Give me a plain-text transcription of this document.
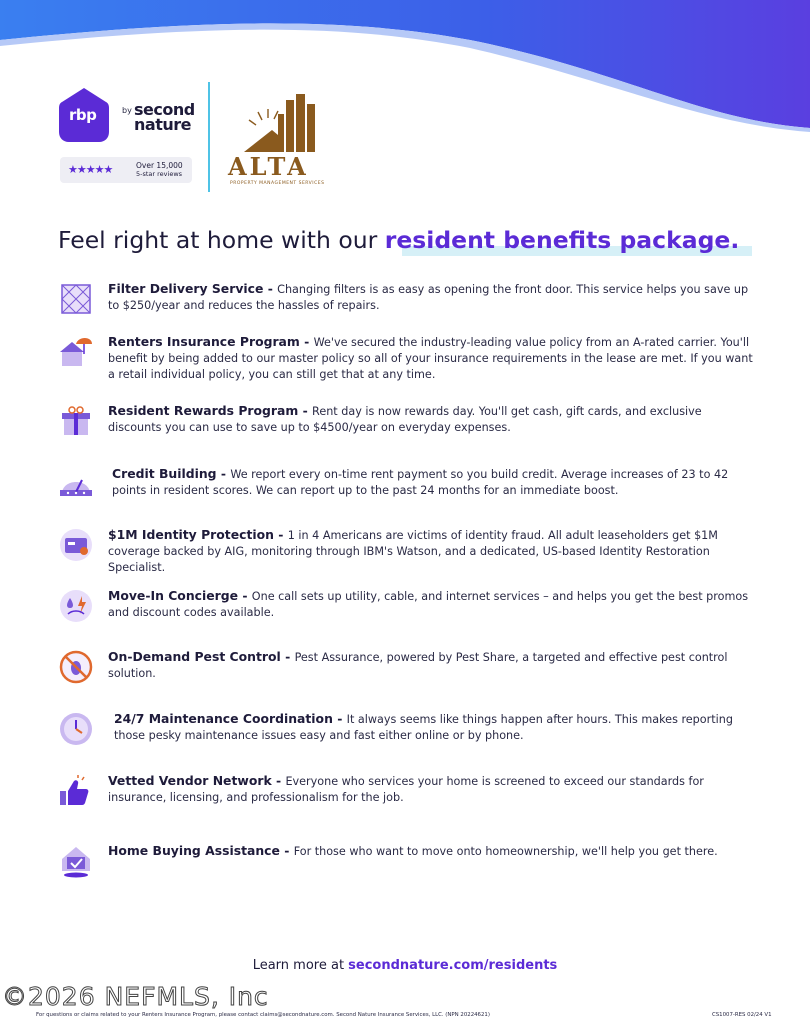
rbp	by second nature
★★★★★	Over 15,000
5-star reviews ALTA
PROPERTY MANAGEMENT SERVICES
Feel right at home with our resident benefits package.
Filter Delivery Service - Changing filters is as easy as opening the front door. This service helps you save up to $250/year and reduces the hassles of repairs.
Renters Insurance Program - We've secured the industry-leading value policy from an A-rated carrier. You'll benefit by being added to our master policy so all of your insurance requirements in the lease are met. If you want a retail individual policy, you can still get that at any time.
Resident Rewards Program - Rent day is now rewards day. You'll get cash, gift cards, and exclusive discounts you can use to save up to $4500/year on everyday expenses.
Credit Building - We report every on-time rent payment so you build credit. Average increases of 23 to 42 points in resident scores. We can report up to the past 24 months for an immediate boost.
$1M Identity Protection - 1 in 4 Americans are victims of identity fraud. All adult leaseholders get $1M coverage backed by AIG, monitoring through IBM's Watson, and a dedicated, US-based Identity Restoration Specialist.
Move-In Concierge - One call sets up utility, cable, and internet services – and helps you get the best promos and discount codes available.
On-Demand Pest Control - Pest Assurance, powered by Pest Share, a targeted and effective pest control solution.
24/7 Maintenance Coordination - It always seems like things happen after hours. This makes reporting those pesky maintenance issues easy and fast either online or by phone.
Vetted Vendor Network - Everyone who services your home is screened to exceed our standards for insurance, licensing, and professionalism for the job.
Home Buying Assistance - For those who want to move onto homeownership, we'll help you get there.
Learn more at secondnature.com/residents
©2026 NEFMLS, Inc
For questions or claims related to your Renters Insurance Program, please contact claims@secondnature.com. Second Nature Insurance Services, LLC. (NPN 20224621)	CS1007-RES 02/24 V1
